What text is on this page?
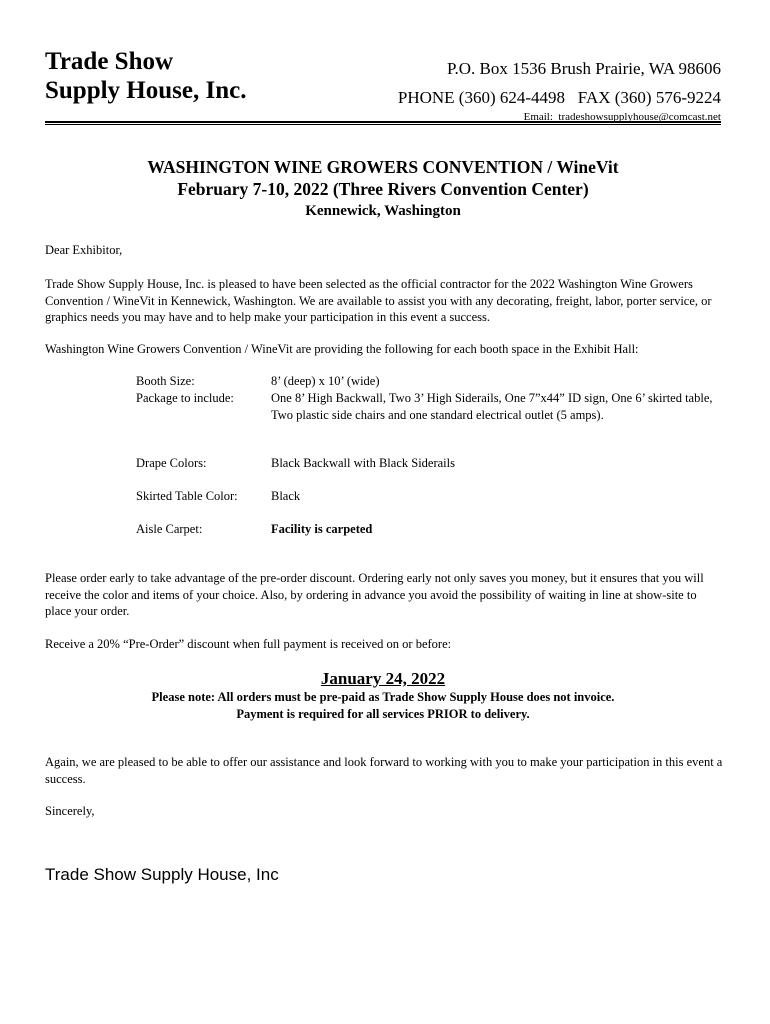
Trade Show
Supply House, Inc.
P.O. Box 1536 Brush Prairie, WA 98606
PHONE (360) 624-4498   FAX (360) 576-9224
Email:  tradeshowsupplyhouse@comcast.net
WASHINGTON WINE GROWERS CONVENTION / WineVit
February 7-10, 2022 (Three Rivers Convention Center)
Kennewick, Washington
Dear Exhibitor,
Trade Show Supply House, Inc. is pleased to have been selected as the official contractor for the 2022 Washington Wine Growers Convention / WineVit in Kennewick, Washington. We are available to assist you with any decorating, freight, labor, porter service, or graphics needs you may have and to help make your participation in this event a success.
Washington Wine Growers Convention / WineVit are providing the following for each booth space in the Exhibit Hall:
Booth Size:	8’ (deep) x 10’ (wide)
Package to include:	One 8’ High Backwall, Two 3’ High Siderails, One 7”x44” ID sign, One 6’ skirted table, Two plastic side chairs and one standard electrical outlet (5 amps).
Drape Colors:	Black Backwall with Black Siderails
Skirted Table Color:	Black
Aisle Carpet:	Facility is carpeted
Please order early to take advantage of the pre-order discount. Ordering early not only saves you money, but it ensures that you will receive the color and items of your choice. Also, by ordering in advance you avoid the possibility of waiting in line at show-site to place your order.
Receive a 20% “Pre-Order” discount when full payment is received on or before:
January 24, 2022
Please note: All orders must be pre-paid as Trade Show Supply House does not invoice.
Payment is required for all services PRIOR to delivery.
Again, we are pleased to be able to offer our assistance and look forward to working with you to make your participation in this event a success.
Sincerely,
Trade Show Supply House, Inc
